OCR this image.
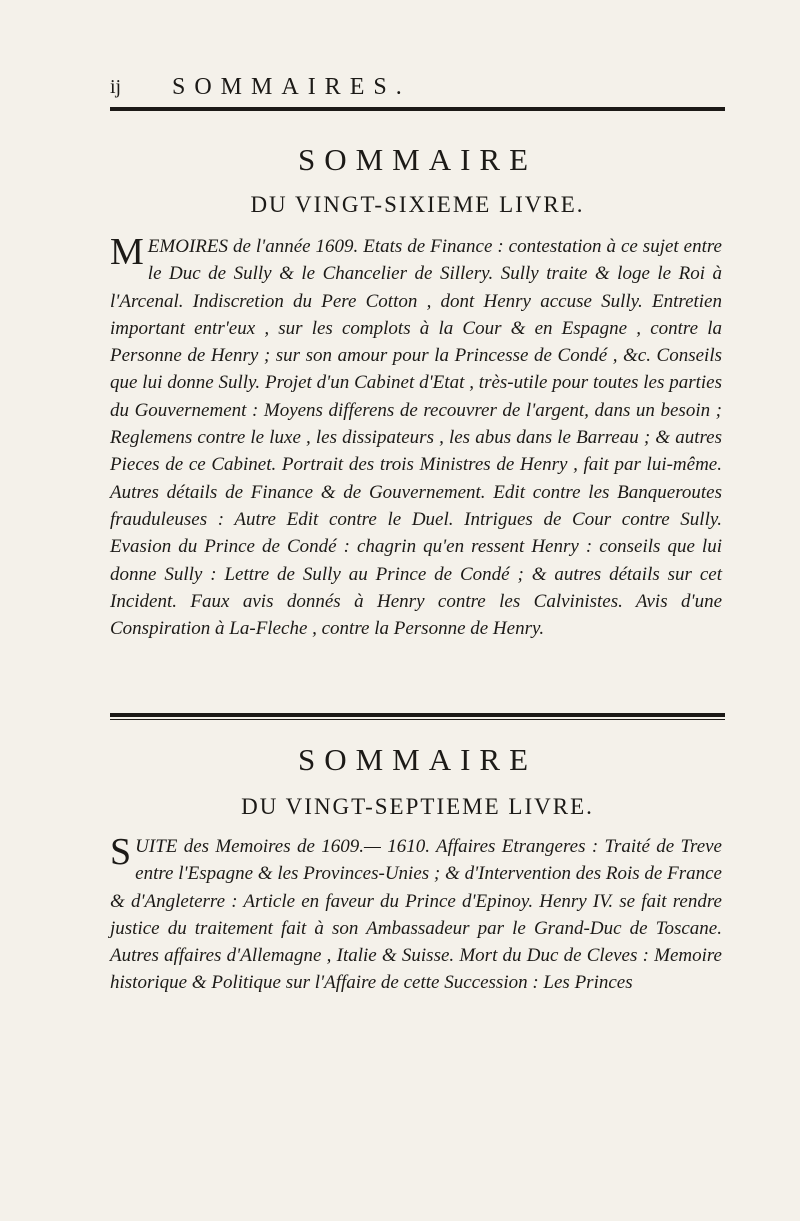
ij SOMMAIRES.
SOMMAIRE
DU VINGT-SIXIEME LIVRE.
MEMOIRES de l'année 1609. Etats de Finance : contestation à ce sujet entre le Duc de Sully & le Chancelier de Sillery. Sully traite & loge le Roi à l'Arcenal. Indiscretion du Pere Cotton , dont Henry accuse Sully. Entretien important entr'eux , sur les complots à la Cour & en Espagne , contre la Personne de Henry ; sur son amour pour la Princesse de Condé , &c. Conseils que lui donne Sully. Projet d'un Cabinet d'Etat , très-utile pour toutes les parties du Gouvernement : Moyens differens de recouvrer de l'argent, dans un besoin ; Reglemens contre le luxe , les dissipateurs , les abus dans le Barreau ; & autres Pieces de ce Cabinet. Portrait des trois Ministres de Henry , fait par lui-même. Autres détails de Finance & de Gouvernement. Edit contre les Banqueroutes frauduleuses : Autre Edit contre le Duel. Intrigues de Cour contre Sully. Evasion du Prince de Condé : chagrin qu'en ressent Henry : conseils que lui donne Sully : Lettre de Sully au Prince de Condé ; & autres détails sur cet Incident. Faux avis donnés à Henry contre les Calvinistes. Avis d'une Conspiration à La-Fleche , contre la Personne de Henry.
SOMMAIRE
DU VINGT-SEPTIEME LIVRE.
SUITE des Memoires de 1609.— 1610. Affaires Etrangeres : Traité de Treve entre l'Espagne & les Provinces-Unies ; & d'Intervention des Rois de France & d'Angleterre : Article en faveur du Prince d'Epinoy. Henry IV. se fait rendre justice du traitement fait à son Ambassadeur par le Grand-Duc de Toscane. Autres affaires d'Allemagne , Italie & Suisse. Mort du Duc de Cleves : Memoire historique & Politique sur l'Affaire de cette Succession : Les Princes
